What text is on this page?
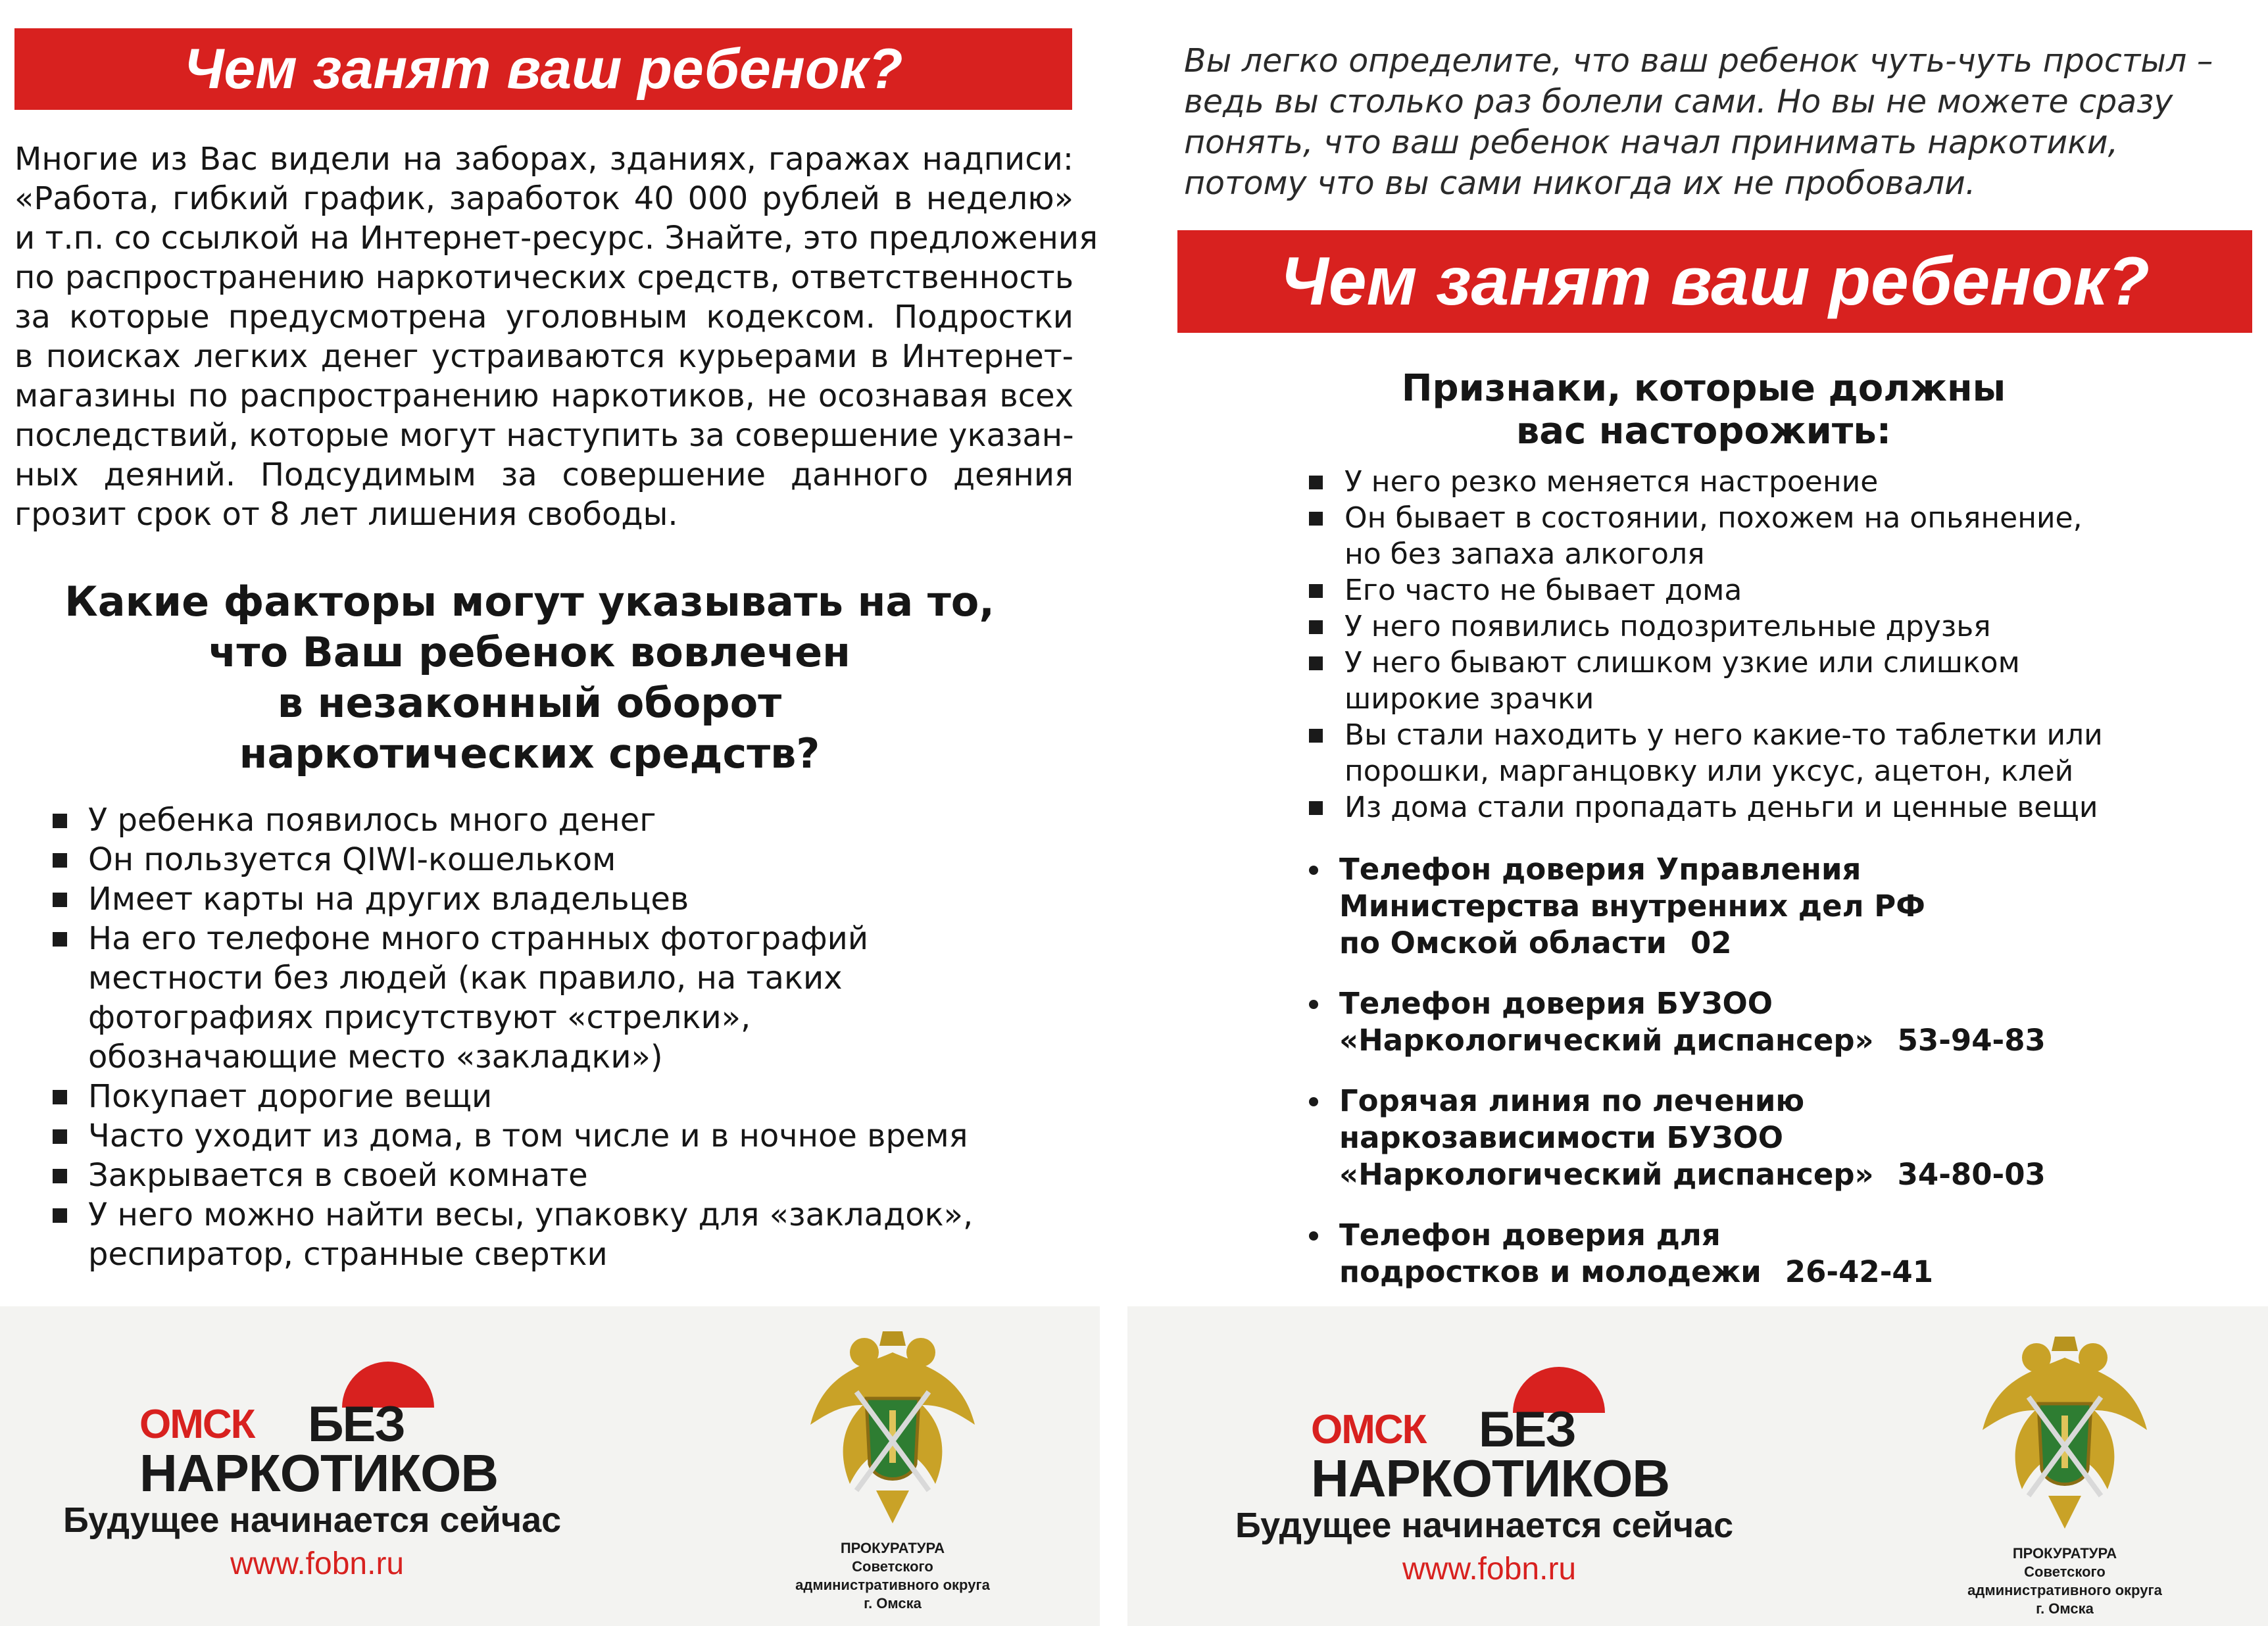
Чем занят ваш ребенок?
Многие из Вас видели на заборах, зданиях, гаражах надписи:
«Работа, гибкий график, заработок 40 000 рублей в неделю»
и т.п. со ссылкой на Интернет-ресурс. Знайте, это предложения
по распространению наркотических средств, ответственность
за которые предусмотрена уголовным кодексом. Подростки
в поисках легких денег устраиваются курьерами в Интернет-
магазины по распространению наркотиков, не осознавая всех
последствий, которые могут наступить за совершение указан-
ных деяний. Подсудимым за совершение данного деяния
грозит срок от 8 лет лишения свободы.
Какие факторы могут указывать на то,
что Ваш ребенок вовлечен
в незаконный оборот
наркотических средств?
У ребенка появилось много денег
Он пользуется QIWI-кошельком
Имеет карты на других владельцев
На его телефоне много странных фотографий
местности без людей (как правило, на таких
фотографиях присутствуют «стрелки»,
обозначающие место «закладки»)
Покупает дорогие вещи
Часто уходит из дома, в том числе и в ночное время
Закрывается в своей комнате
У него можно найти весы, упаковку для «закладок»,
респиратор, странные свертки
Вы легко определите, что ваш ребенок чуть-чуть простыл –
ведь вы столько раз болели сами. Но вы не можете сразу
понять, что ваш ребенок начал принимать наркотики,
потому что вы сами никогда их не пробовали.
Чем занят ваш ребенок?
Признаки, которые должны
вас насторожить:
У него резко меняется настроение
Он бывает в состоянии, похожем на опьянение,
но без запаха алкоголя
Его часто не бывает дома
У него появились подозрительные друзья
У него бывают слишком узкие или слишком
широкие зрачки
Вы стали находить у него какие-то таблетки или
порошки, марганцовку или уксус, ацетон, клей
Из дома стали пропадать деньги и ценные вещи
Телефон доверия Управления
Министерства внутренних дел РФ
по Омской области 02
Телефон доверия БУЗОО
«Наркологический диспансер» 53-94-83
Горячая линия по лечению
наркозависимости БУЗОО
«Наркологический диспансер» 34-80-03
Телефон доверия для
подростков и молодежи 26-42-41
ОМСК БЕЗ
НАРКОТИКОВ
Будущее начинается сейчас
www.fobn.ru
ОМСК БЕЗ
НАРКОТИКОВ
Будущее начинается сейчас
www.fobn.ru
ПРОКУРАТУРА
Советского
административного округа
г. Омска
ПРОКУРАТУРА
Советского
административного округа
г. Омска
